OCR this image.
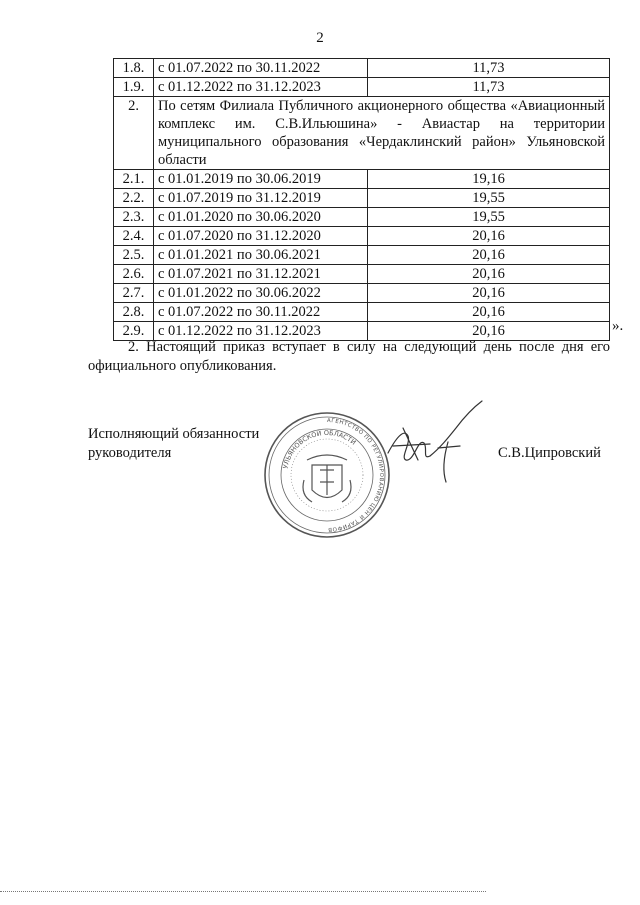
2
1.8.	с 01.07.2022 по 30.11.2022	11,73
1.9.	с 01.12.2022 по 31.12.2023	11,73
2.	По сетям Филиала Публичного акционерного общества «Авиационный комплекс им. С.В.Ильюшина» - Авиастар на территории муниципального образования «Чердаклинский район» Ульяновской области	
2.1.	с 01.01.2019 по 30.06.2019	19,16
2.2.	с 01.07.2019 по 31.12.2019	19,55
2.3.	с 01.01.2020 по 30.06.2020	19,55
2.4.	с 01.07.2020 по 31.12.2020	20,16
2.5.	с 01.01.2021 по 30.06.2021	20,16
2.6.	с 01.07.2021 по 31.12.2021	20,16
2.7.	с 01.01.2022 по 30.06.2022	20,16
2.8.	с 01.07.2022 по 30.11.2022	20,16
2.9.	с 01.12.2022 по 31.12.2023	20,16	».
2. Настоящий приказ вступает в силу на следующий день после дня его официального опубликования.
Исполняющий обязанности
руководителя
АГЕНТСТВО ПО РЕГУЛИРОВАНИЮ ЦЕН И ТАРИФОВ
УЛЬЯНОВСКОЙ ОБЛАСТИ
С.В.Ципровский
